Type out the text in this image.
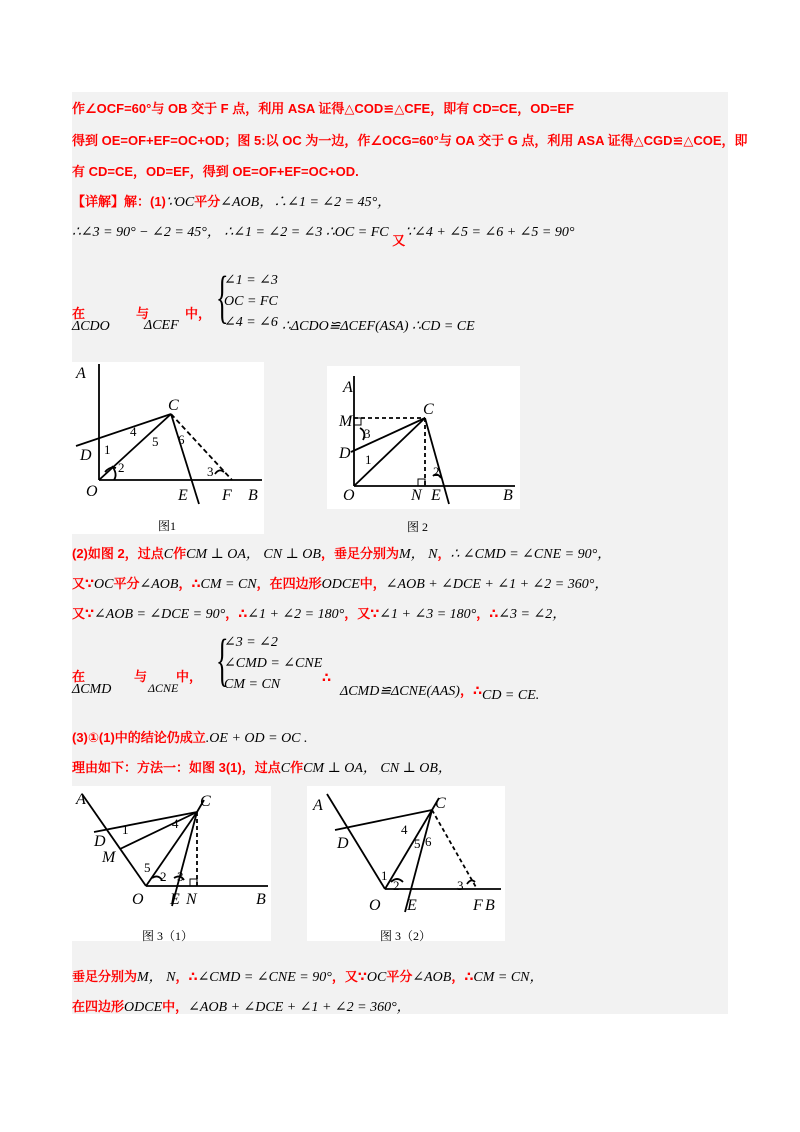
作∠OCF=60°与 OB 交于 F 点，利用 ASA 证得△COD≌△CFE，即有 CD=CE，OD=EF
得到 OE=OF+EF=OC+OD；图 5:以 OC 为一边，作∠OCG=60°与 OA 交于 G 点，利用 ASA 证得△CGD≌△COE，即
有 CD=CE，OD=EF，得到 OE=OF+EF=OC+OD.
【详解】解：(1)∵OC平分∠AOB，∴∠1 = ∠2 = 45°，
∴∠3 = 90° − ∠2 = 45°， ∴∠1 = ∠2 = ∠3 ∴OC = FC 又∵∠4 + ∠5 = ∠6 + ∠5 = 90°
在	与	中，
ΔCDO ΔCEF {
∠1 = ∠3
OC = FC
∠4 = ∠6 ∴ΔCDO≌ΔCEF(ASA) ∴CD = CE
A
C
D
O	E F B
1
2	3
4
5 6
图1
A
M
C
D
O	N E	B
1
2
3
图 2
(2)如图 2，过点C作CM ⊥ OA， CN ⊥ OB，垂足分别为M， N，∴ ∠CMD = ∠CNE = 90°，
又∵OC平分∠AOB，∴CM = CN，在四边形ODCE中，∠AOB + ∠DCE + ∠1 + ∠2 = 360°，
又∵∠AOB = ∠DCE = 90°，∴∠1 + ∠2 = 180°，又∵∠1 + ∠3 = 180°，∴∠3 = ∠2，
在	与 中，
ΔCMD	ΔCNE {
∠3 = ∠2
∠CMD = ∠CNE
CM = CN	∴
ΔCMD≌ΔCNE(AAS)，∴CD = CE.
(3)①(1)中的结论仍成立.OE + OD = OC .
理由如下：方法一：如图 3(1)，过点C作CM ⊥ OA， CN ⊥ OB，
A	C
D
M
O E N	B
1
2 3
4
5
A	C
D
O E	F B
1
2	3
4
5 6
图 3（1）	图 3（2）
垂足分别为M， N，∴∠CMD = ∠CNE = 90°，又∵OC平分∠AOB，∴CM = CN，
在四边形ODCE中，∠AOB + ∠DCE + ∠1 + ∠2 = 360°，
